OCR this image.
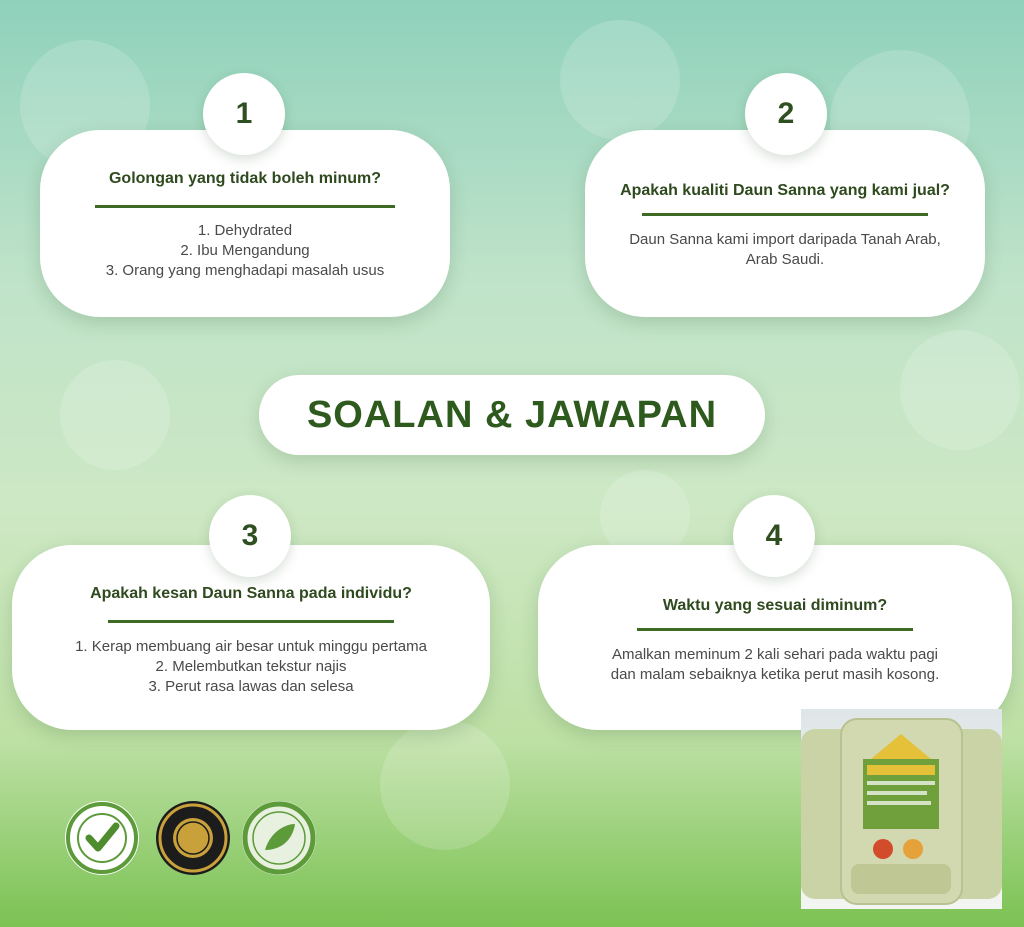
Golongan yang tidak boleh minum?
1. Dehydrated
2. Ibu Mengandung
3. Orang yang menghadapi masalah usus
1
Apakah kualiti Daun Sanna yang kami jual?
Daun Sanna kami import daripada Tanah Arab,
Arab Saudi.
2
SOALAN & JAWAPAN
Apakah kesan Daun Sanna pada individu?
1. Kerap membuang air besar untuk minggu pertama
2. Melembutkan tekstur najis
3. Perut rasa lawas dan selesa
3
Waktu yang sesuai diminum?
Amalkan meminum 2 kali sehari pada waktu pagi
dan malam sebaiknya ketika perut masih kosong.
4
